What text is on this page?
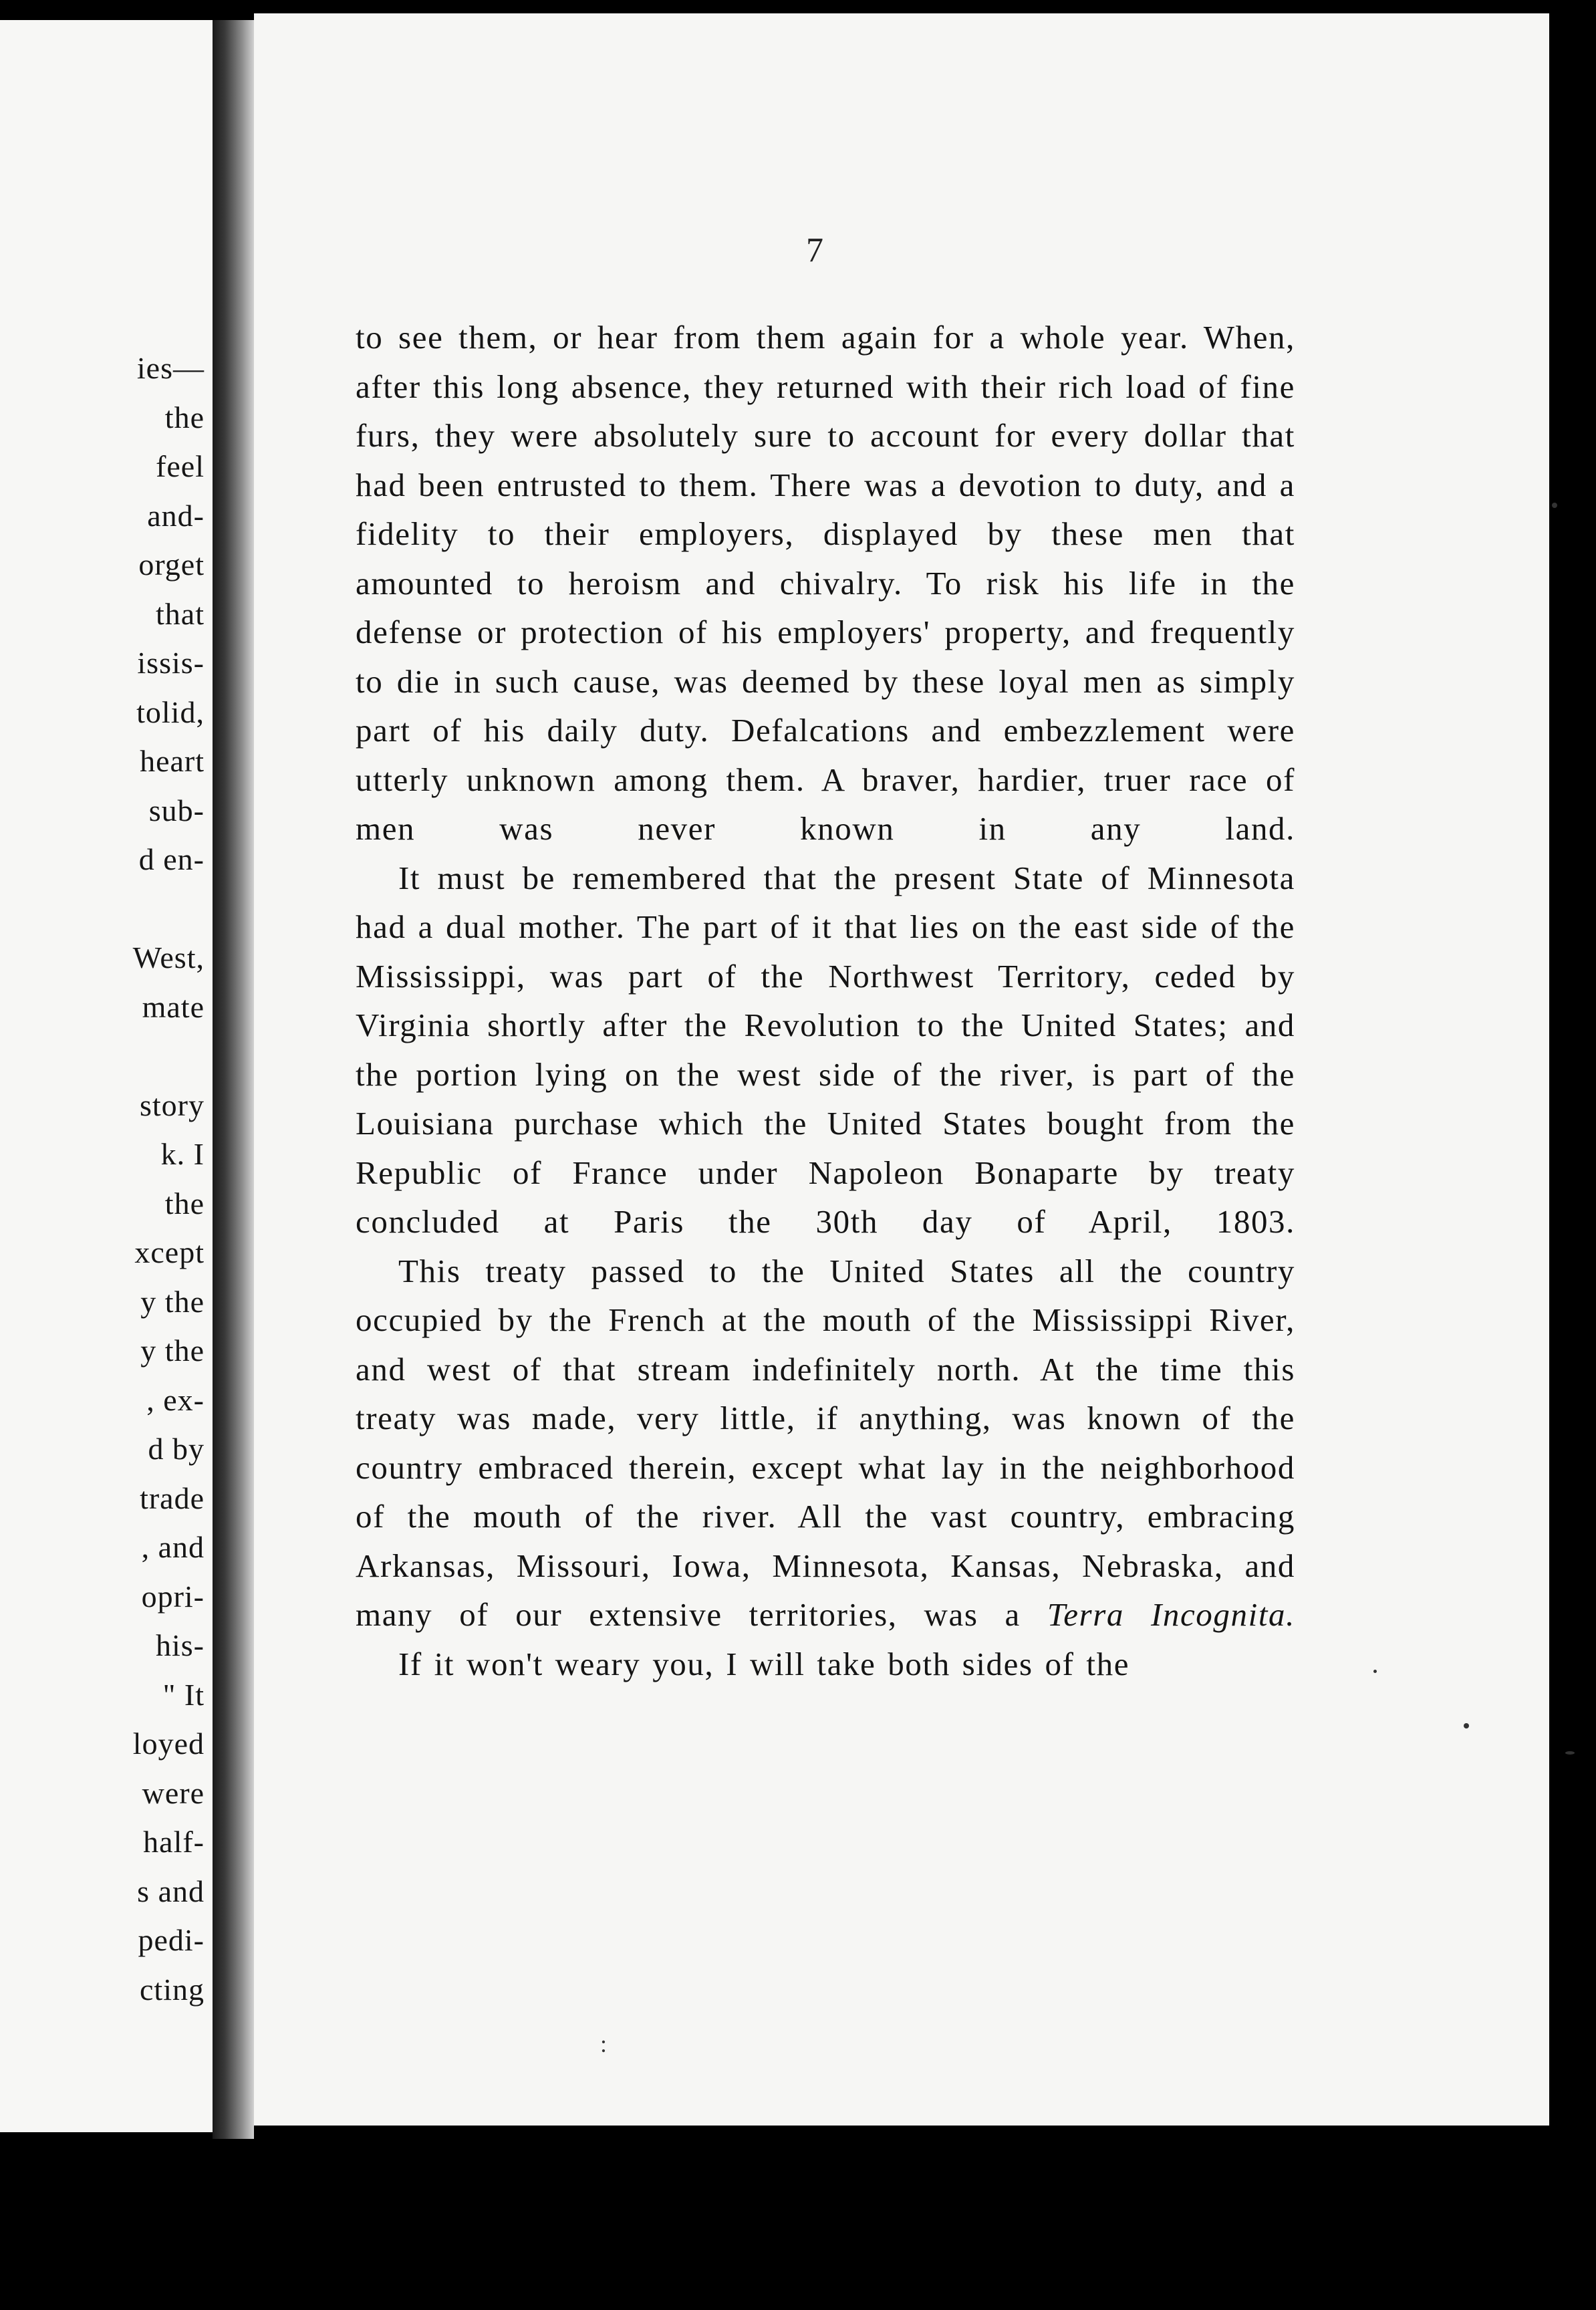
ies—
the
feel
and-
orget
that
issis-
tolid,
heart
sub-
d en-
West,
mate
story
k. I
the
xcept
y the
y the
, ex-
d by
trade
, and
opri-
his-
" It
loyed
were
half-
s and
pedi-
cting
7

to see them, or hear from them again for a whole year. When, after this long absence, they returned with their rich load of fine furs, they were absolutely sure to account for every dollar that had been entrusted to them. There was a devotion to duty, and a fidelity to their employers, displayed by these men that amounted to heroism and chivalry. To risk his life in the defense or protection of his employers' property, and frequently to die in such cause, was deemed by these loyal men as simply part of his daily duty. Defalcations and embezzlement were utterly unknown among them. A braver, hardier, truer race of men was never known in any land.

It must be remembered that the present State of Minnesota had a dual mother. The part of it that lies on the east side of the Mississippi, was part of the Northwest Territory, ceded by Virginia shortly after the Revolution to the United States; and the portion lying on the west side of the river, is part of the Louisiana purchase which the United States bought from the Republic of France under Napoleon Bonaparte by treaty concluded at Paris the 30th day of April, 1803.

This treaty passed to the United States all the country occupied by the French at the mouth of the Mississippi River, and west of that stream indefinitely north. At the time this treaty was made, very little, if anything, was known of the country embraced therein, except what lay in the neighborhood of the mouth of the river. All the vast country, embracing Arkansas, Missouri, Iowa, Minnesota, Kansas, Nebraska, and many of our extensive territories, was a Terra Incognita.

If it won't weary you, I will take both sides of the

:
